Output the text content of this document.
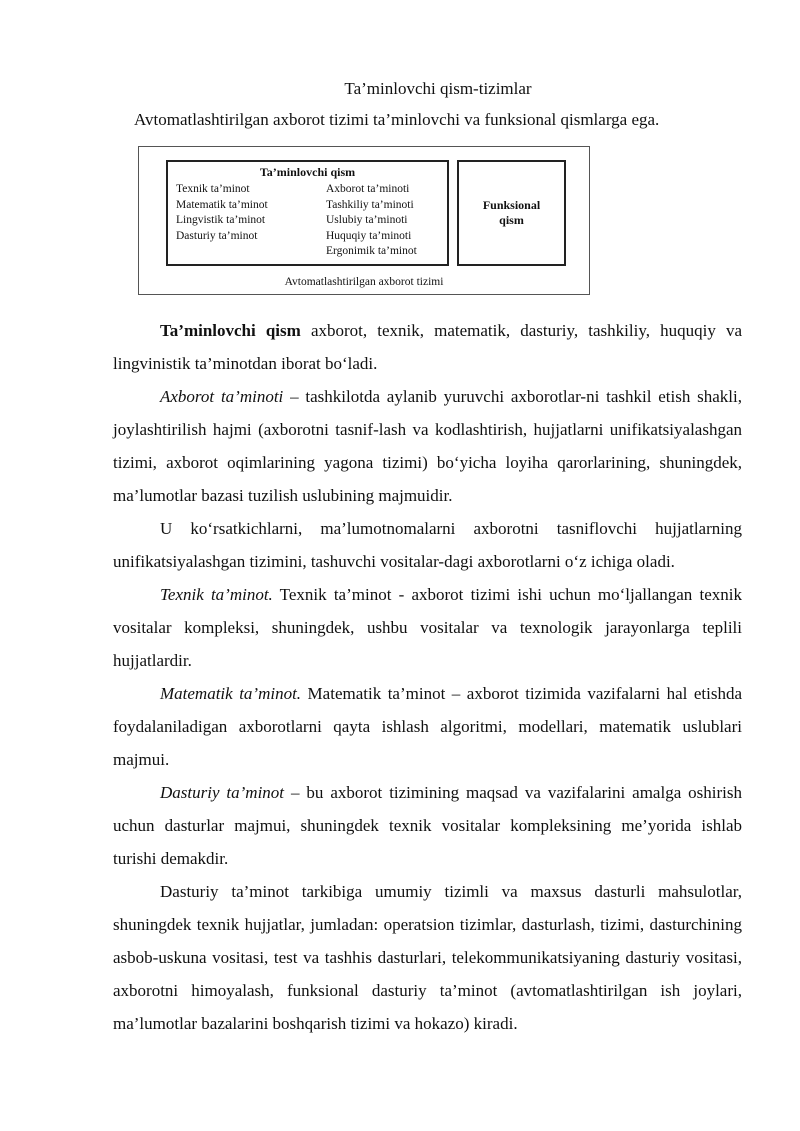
Ta’minlovchi qism-tizimlar
Avtomatlashtirilgan axborot tizimi ta’minlovchi va funksional qismlarga ega.
Ta’minlovchi qism
Texnik ta’minot
Matematik ta’minot
Lingvistik ta’minot
Dasturiy ta’minot
Axborot ta’minoti
Tashkiliy ta’minoti
Uslubiy ta’minoti
Huquqiy ta’minoti
Ergonimik ta’minot
Funksional
qism
Avtomatlashtirilgan axborot tizimi

Ta’minlovchi qism axborot, texnik, matematik, dasturiy, tashkiliy, huquqiy va lingvinistik ta’minotdan iborat bo‘ladi.

Axborot ta’minoti – tashkilotda aylanib yuruvchi axborotlar-ni tashkil etish shakli, joylashtirilish hajmi (axborotni tasnif-lash va kodlashtirish, hujjatlarni unifikatsiyalashgan tizimi, axborot oqimlarining yagona tizimi) bo‘yicha loyiha qarorlarining, shuningdek, ma’lumotlar bazasi tuzilish uslubining majmuidir.

U ko‘rsatkichlarni, ma’lumotnomalarni axborotni tasniflovchi hujjatlarning unifikatsiyalashgan tizimini, tashuvchi vositalar-dagi axborotlarni o‘z ichiga oladi.

Texnik ta’minot. Texnik ta’minot - axborot tizimi ishi uchun mo‘ljallangan texnik vositalar kompleksi, shuningdek, ushbu vositalar va texnologik jarayonlarga teplili hujjatlardir.

Matematik ta’minot. Matematik ta’minot – axborot tizimida vazifalarni hal etishda foydalaniladigan axborotlarni qayta ishlash algoritmi, modellari, matematik uslublari majmui.

Dasturiy ta’minot – bu axborot tizimining maqsad va vazifalarini amalga oshirish uchun dasturlar majmui, shuningdek texnik vositalar kompleksining me’yorida ishlab turishi demakdir.

Dasturiy ta’minot tarkibiga umumiy tizimli va maxsus dasturli mahsulotlar, shuningdek texnik hujjatlar, jumladan: operatsion tizimlar, dasturlash, tizimi, dasturchining asbob-uskuna vositasi, test va tashhis dasturlari, telekommunikatsiyaning dasturiy vositasi, axborotni himoyalash, funksional dasturiy ta’minot (avtomatlashtirilgan ish joylari, ma’lumotlar bazalarini boshqarish tizimi va hokazo) kiradi.
